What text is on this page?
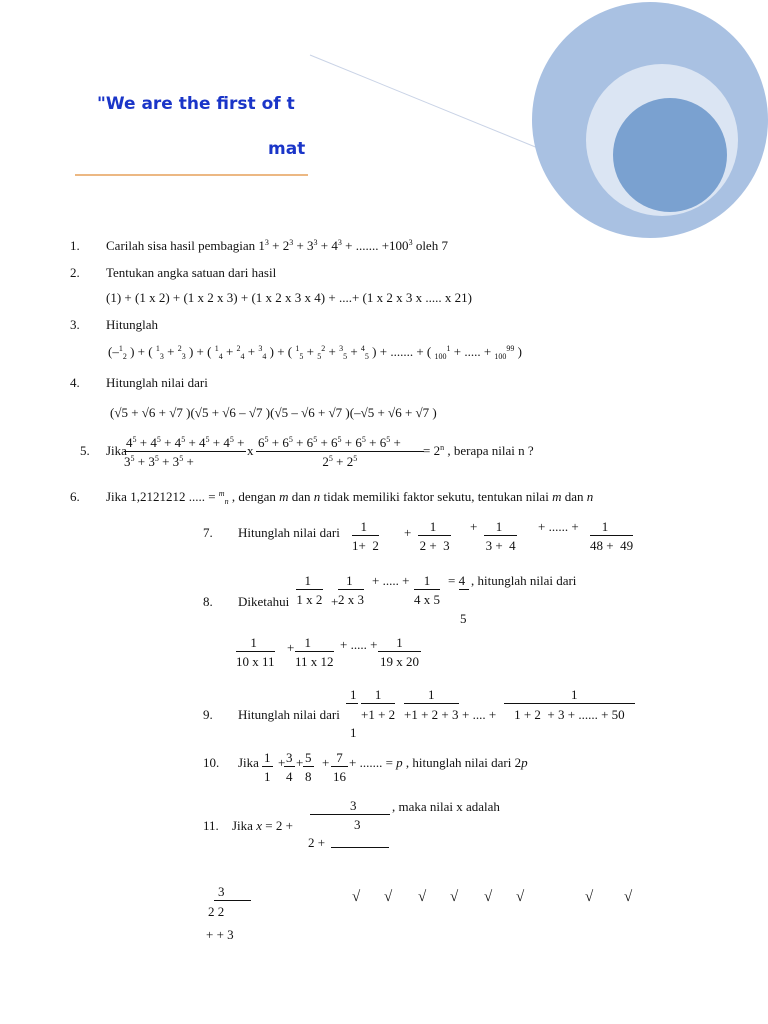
"We are the first of t
mat
1. Carilah sisa hasil pembagian $1^3 + 2^3 + 3^3 + 4^3$ + ....... $+100^3$ oleh 7
2. Tentukan angka satuan dari hasil
(1) + (1 x 2) + (1 x 2 x 3) + (1 x 2 x 3 x 4) + ....+ (1 x 2 x 3 x ..... x 21)
3. Hitunglah
(–$^1_2$ ) + ( $^1_3$ + $^2_3$ ) + ( $^1_4$ + $^2_4$ + $^3_4$ ) + ( $^1_5$ + $_5^2$ + $^3_5$ + $^4_5$ ) + ....... + ( $_{100}^1$ + ..... + $_{100}^{99}$ )
4. Hitunglah nilai dari
(√5 + √6 + √7 )(√5 + √6 – √7 )(√5 – √6 + √7 )(–√5 + √6 + √7 )
5. Jika
$\frac{4^5 + 4^5 + 4^5 + 4^5 + 4^5 +}{3^5 + 3^5 + 3^5 +}$ x $\frac{6^5 + 6^5 + 6^5 + 6^5 + 6^5 + 6^5 +}{2^5 + 2^5} = 2^n$ , berapa nilai n ?
6. Jika 1,2121212 ..... = $^m_n$ , dengan m dan n tidak memiliki faktor sekutu, tentukan nilai m dan n
7. Hitunglah nilai dari $\frac{1}{1+ 2} + \frac{1}{2 + 3} + \frac{1}{3 + 4}$ + ...... + $\frac{1}{48 + 49}$
$\frac{1}{1 x 2} + \frac{1}{2 x 3}$ + ..... + $\frac{1}{4 x 5} = 4$ , hitunglah nilai dari
5
8. Diketahui
$\frac{1}{10 x 11} + \frac{1}{11 x 12}$ + ..... + $\frac{1}{19 x 20}$
1
1
9. Hitunglah nilai dari $\frac{1}{+1 + 2} \frac{1}{+1 + 2 + 3}$ + .... + $\frac{1}{1 + 2 + 3 + ...... + 50}$
10. Jika $\frac{1}{1}$ +
$\frac{3}{4} + \frac{5}{8} + \frac{7}{16}$ + ....... = p , hitunglah nilai dari 2p
3	, maka nilai x adalah
11. Jika x = 2 +	3
2 +
3
2 2
+ + 3
√ √ √ √ √ √	√ √
